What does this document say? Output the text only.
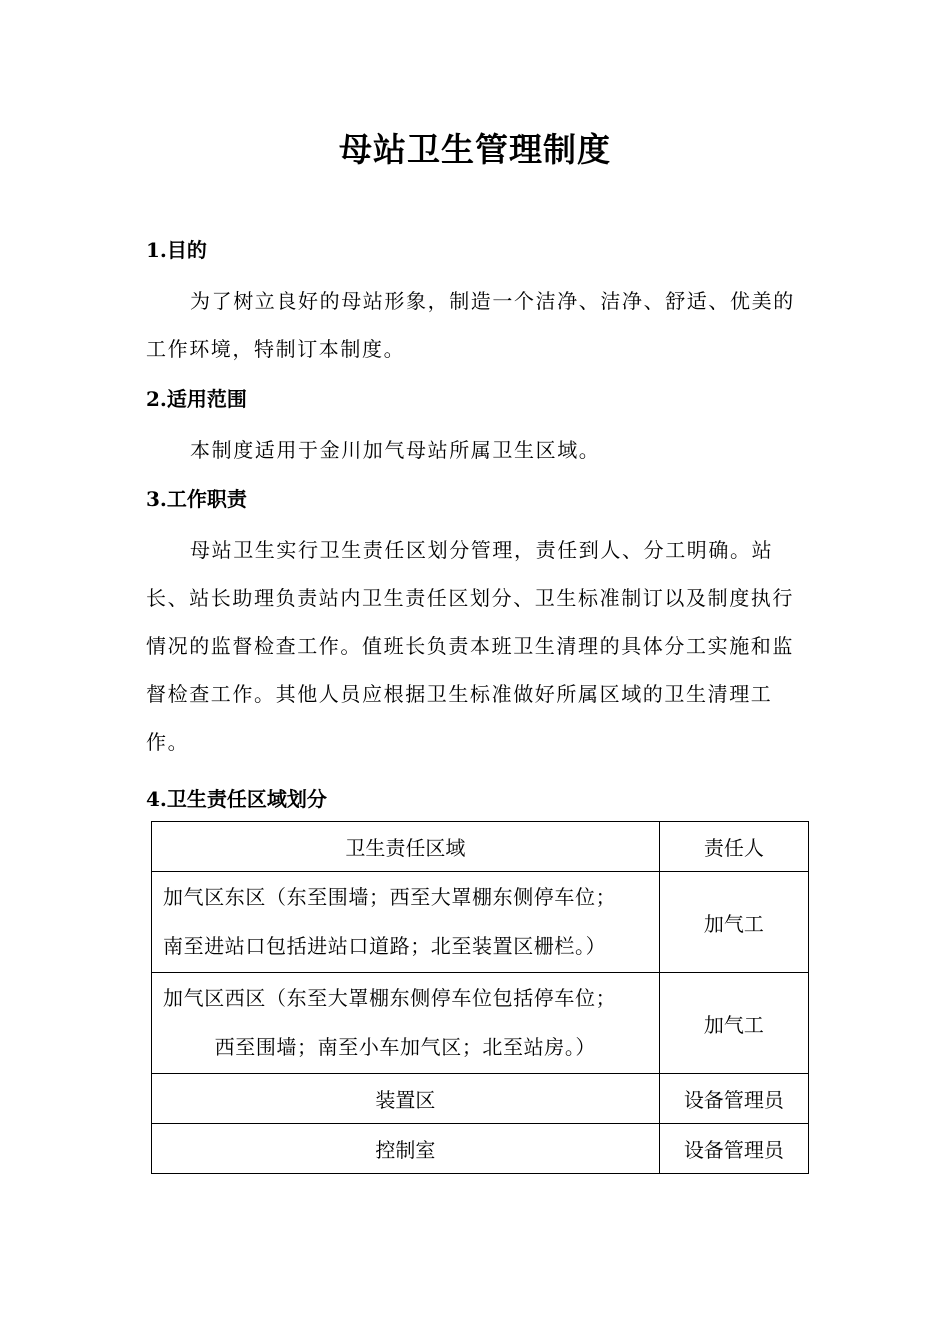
母站卫生管理制度
1.目的
为了树立良好的母站形象，制造一个洁净、洁净、舒适、优美的工作环境，特制订本制度。
2.适用范围
本制度适用于金川加气母站所属卫生区域。
3.工作职责
母站卫生实行卫生责任区划分管理，责任到人、分工明确。站长、站长助理负责站内卫生责任区划分、卫生标准制订以及制度执行情况的监督检查工作。值班长负责本班卫生清理的具体分工实施和监督检查工作。其他人员应根据卫生标准做好所属区域的卫生清理工作。
4.卫生责任区域划分
卫生责任区域	责任人

加气区东区（东至围墙；西至大罩棚东侧停车位；
南至进站口包括进站口道路；北至装置区栅栏。）	加气工

加气区西区（东至大罩棚东侧停车位包括停车位；
西至围墙；南至小车加气区；北至站房。）	加气工
装置区	设备管理员
控制室	设备管理员
